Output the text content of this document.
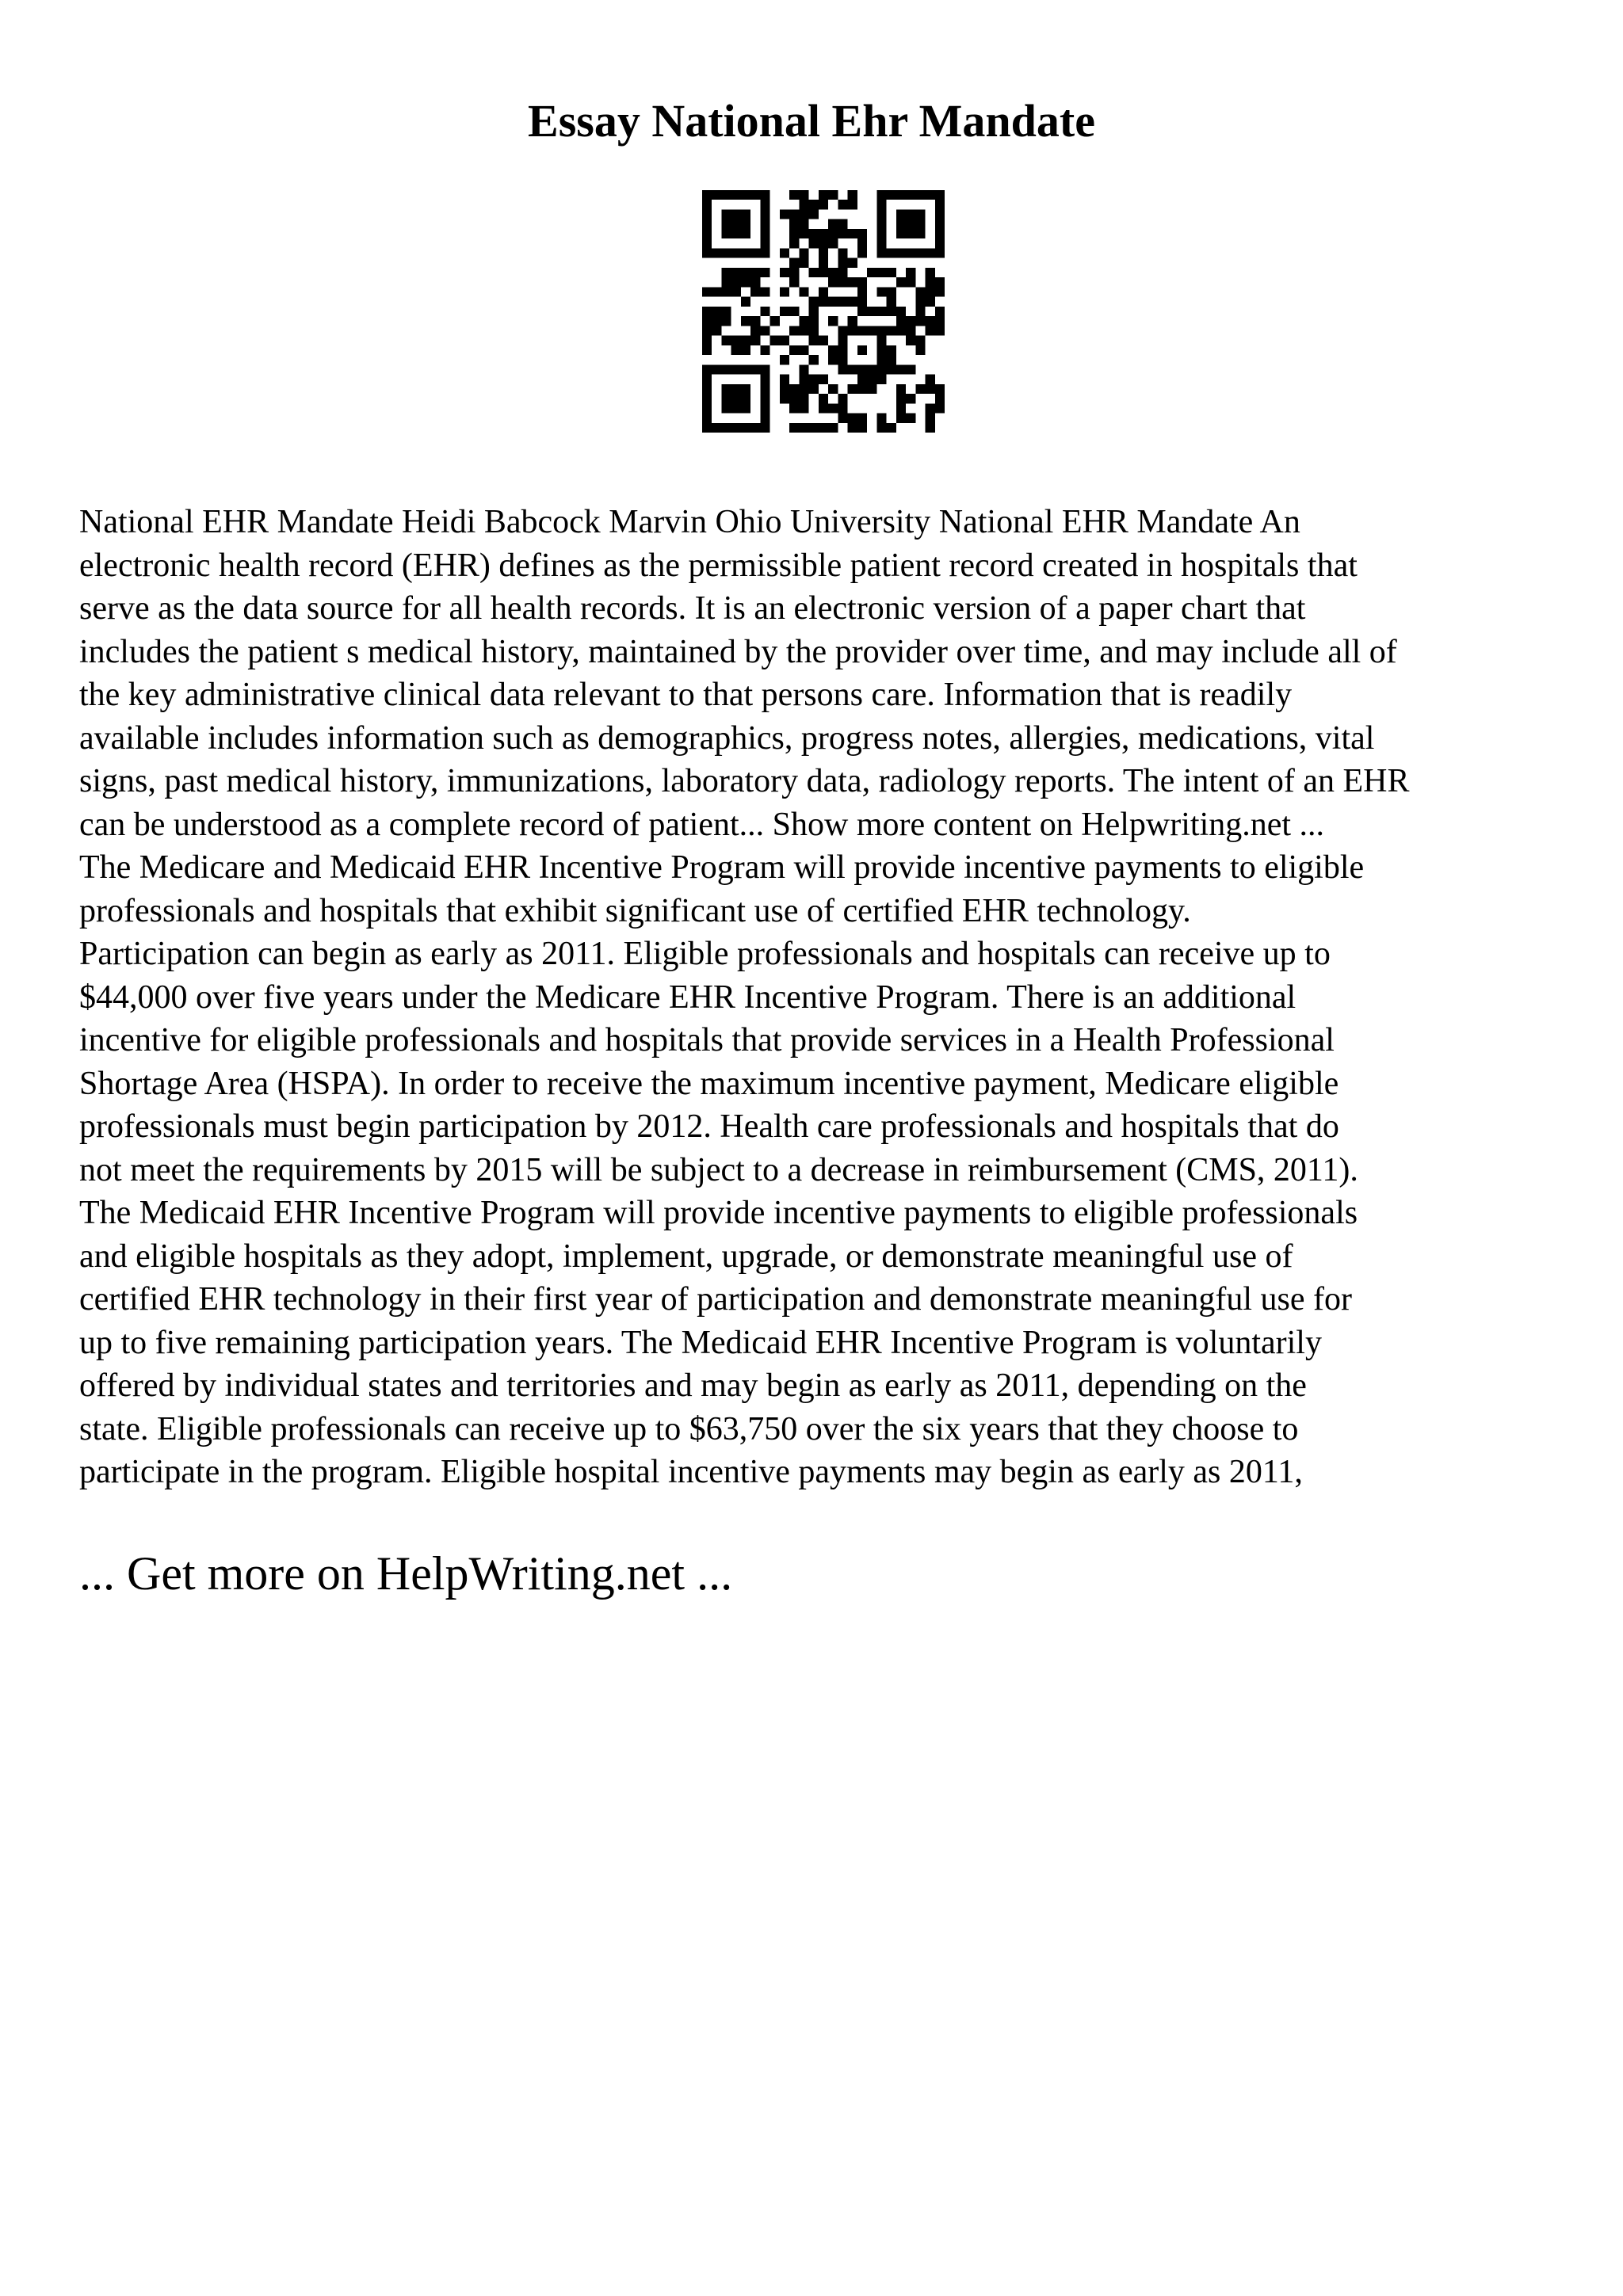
Essay National Ehr Mandate

National EHR Mandate Heidi Babcock Marvin Ohio University National EHR Mandate An
electronic health record (EHR) defines as the permissible patient record created in hospitals that
serve as the data source for all health records. It is an electronic version of a paper chart that
includes the patient s medical history, maintained by the provider over time, and may include all of
the key administrative clinical data relevant to that persons care. Information that is readily
available includes information such as demographics, progress notes, allergies, medications, vital
signs, past medical history, immunizations, laboratory data, radiology reports. The intent of an EHR
can be understood as a complete record of patient... Show more content on Helpwriting.net ...
The Medicare and Medicaid EHR Incentive Program will provide incentive payments to eligible
professionals and hospitals that exhibit significant use of certified EHR technology.
Participation can begin as early as 2011. Eligible professionals and hospitals can receive up to
$44,000 over five years under the Medicare EHR Incentive Program. There is an additional
incentive for eligible professionals and hospitals that provide services in a Health Professional
Shortage Area (HSPA). In order to receive the maximum incentive payment, Medicare eligible
professionals must begin participation by 2012. Health care professionals and hospitals that do
not meet the requirements by 2015 will be subject to a decrease in reimbursement (CMS, 2011).
The Medicaid EHR Incentive Program will provide incentive payments to eligible professionals
and eligible hospitals as they adopt, implement, upgrade, or demonstrate meaningful use of
certified EHR technology in their first year of participation and demonstrate meaningful use for
up to five remaining participation years. The Medicaid EHR Incentive Program is voluntarily
offered by individual states and territories and may begin as early as 2011, depending on the
state. Eligible professionals can receive up to $63,750 over the six years that they choose to
participate in the program. Eligible hospital incentive payments may begin as early as 2011,

... Get more on HelpWriting.net ...
